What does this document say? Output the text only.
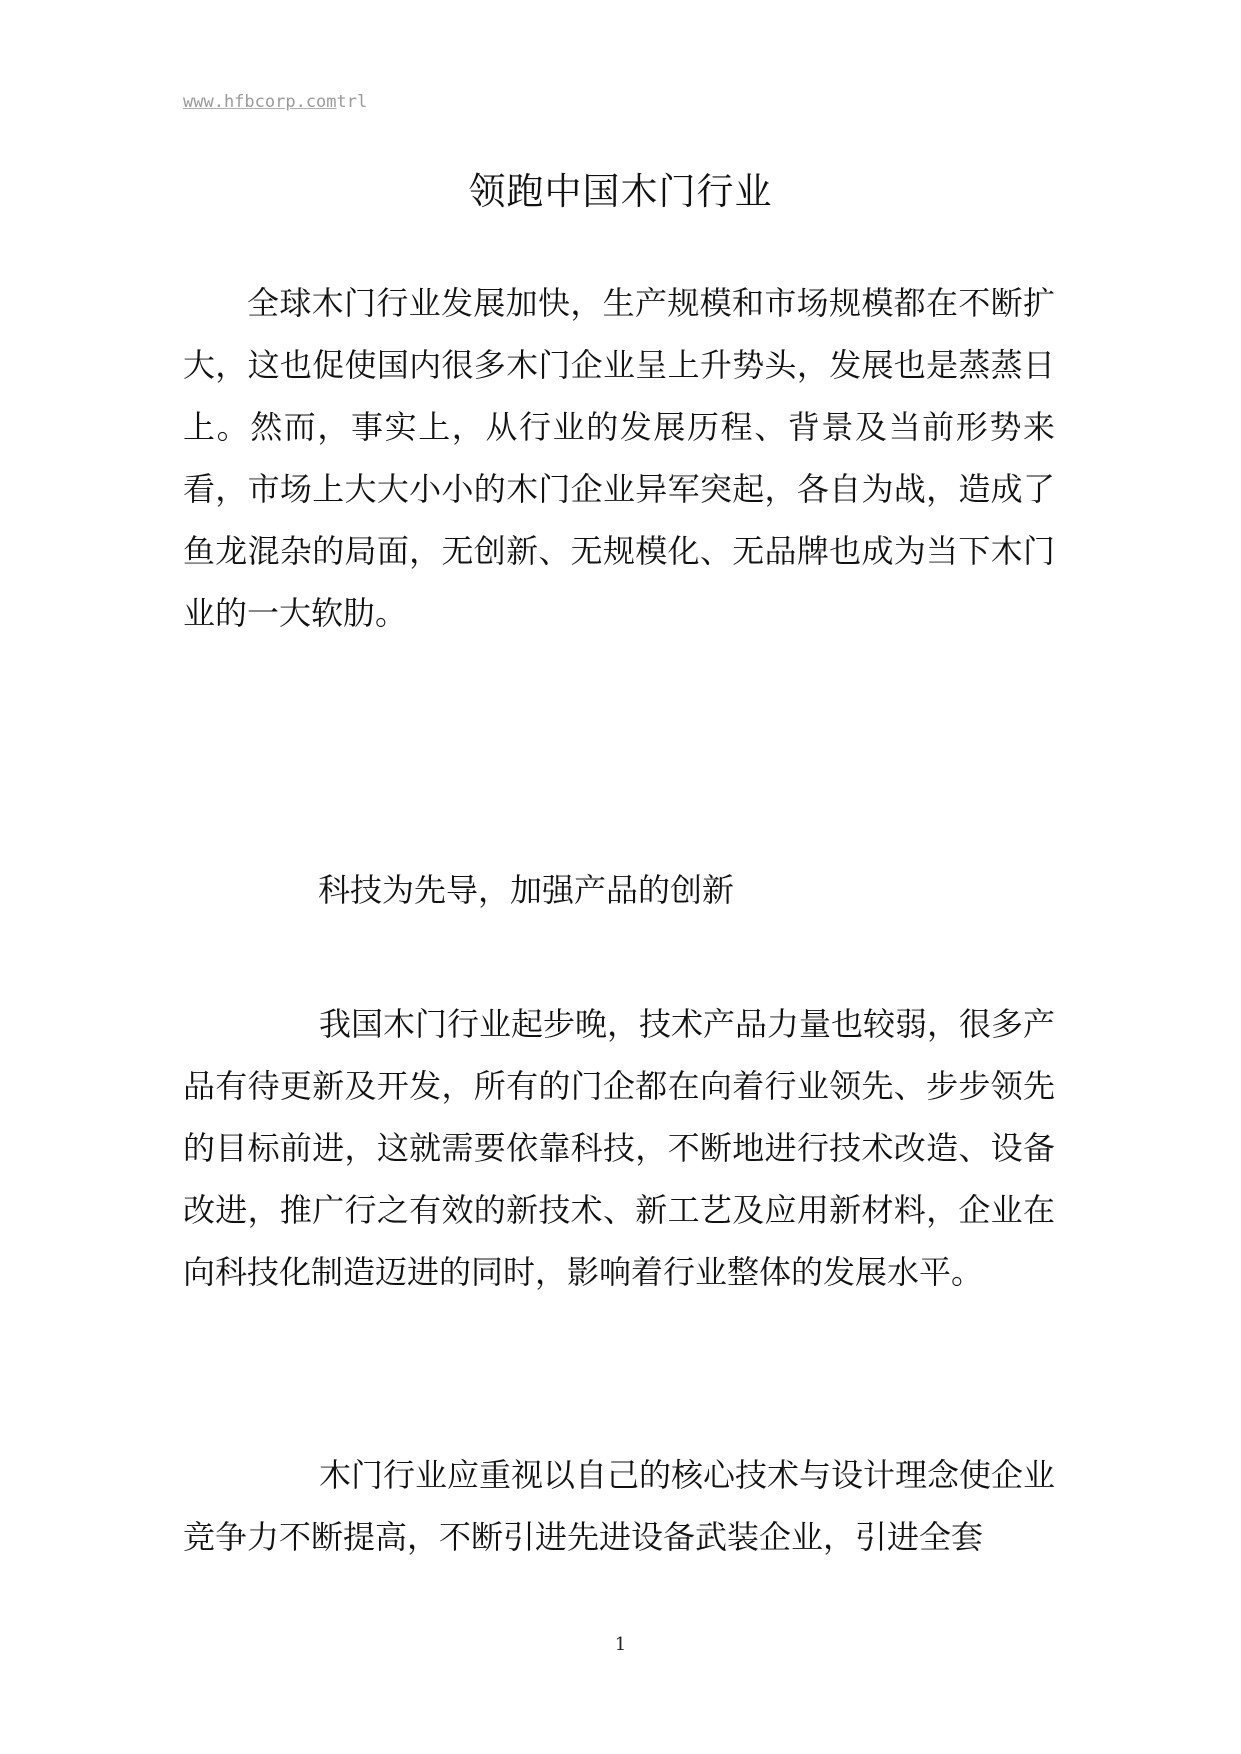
www.hfbcorp.comtrl
领跑中国木门行业

全球木门行业发展加快，生产规模和市场规模都在不断扩大，这也促使国内很多木门企业呈上升势头，发展也是蒸蒸日上。然而，事实上，从行业的发展历程、背景及当前形势来看，市场上大大小小的木门企业异军突起，各自为战，造成了鱼龙混杂的局面，无创新、无规模化、无品牌也成为当下木门业的一大软肋。

科技为先导，加强产品的创新

我国木门行业起步晚，技术产品力量也较弱，很多产品有待更新及开发，所有的门企都在向着行业领先、步步领先的目标前进，这就需要依靠科技，不断地进行技术改造、设备改进，推广行之有效的新技术、新工艺及应用新材料，企业在向科技化制造迈进的同时，影响着行业整体的发展水平。

木门行业应重视以自己的核心技术与设计理念使企业竞争力不断提高，不断引进先进设备武装企业，引进全套

1
